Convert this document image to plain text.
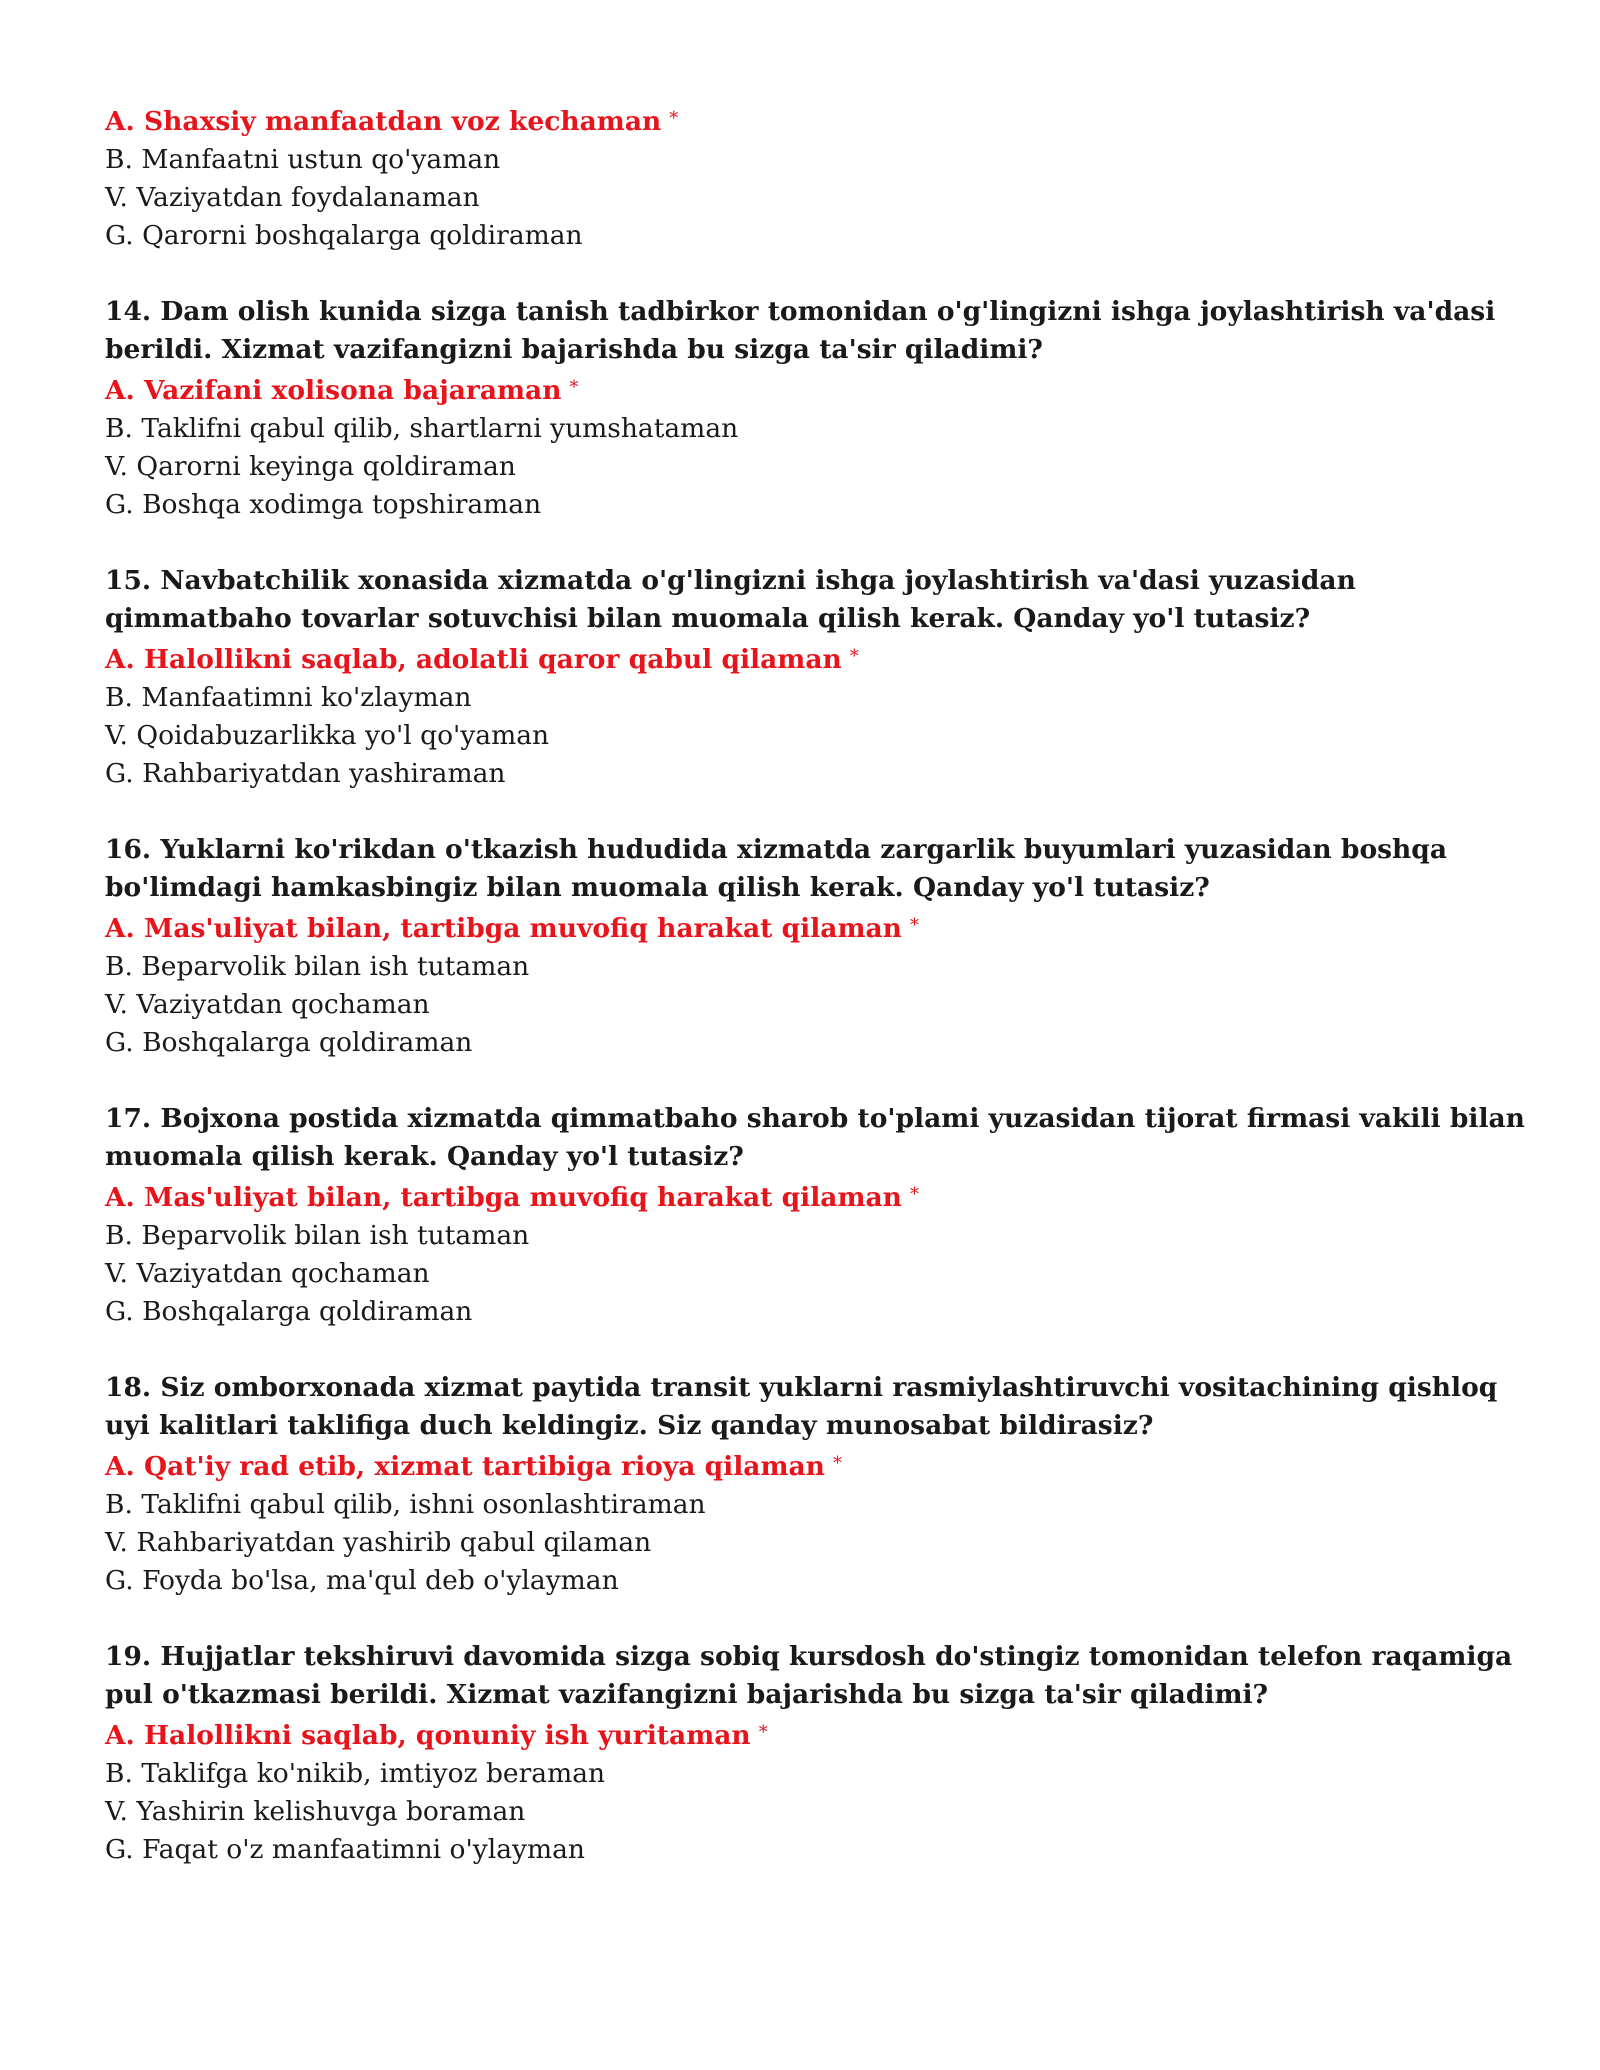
A. Shaxsiy manfaatdan voz kechaman *

B. Manfaatni ustun qo'yaman

V. Vaziyatdan foydalanaman

G. Qarorni boshqalarga qoldiraman

14. Dam olish kunida sizga tanish tadbirkor tomonidan o'g'lingizni ishga joylashtirish va'dasi berildi. Xizmat vazifangizni bajarishda bu sizga ta'sir qiladimi?

A. Vazifani xolisona bajaraman *

B. Taklifni qabul qilib, shartlarni yumshataman

V. Qarorni keyinga qoldiraman

G. Boshqa xodimga topshiraman

15. Navbatchilik xonasida xizmatda o'g'lingizni ishga joylashtirish va'dasi yuzasidan qimmatbaho tovarlar sotuvchisi bilan muomala qilish kerak. Qanday yo'l tutasiz?

A. Halollikni saqlab, adolatli qaror qabul qilaman *

B. Manfaatimni ko'zlayman

V. Qoidabuzarlikka yo'l qo'yaman

G. Rahbariyatdan yashiraman

16. Yuklarni ko'rikdan o'tkazish hududida xizmatda zargarlik buyumlari yuzasidan boshqa bo'limdagi hamkasbingiz bilan muomala qilish kerak. Qanday yo'l tutasiz?

A. Mas'uliyat bilan, tartibga muvofiq harakat qilaman *

B. Beparvolik bilan ish tutaman

V. Vaziyatdan qochaman

G. Boshqalarga qoldiraman

17. Bojxona postida xizmatda qimmatbaho sharob to'plami yuzasidan tijorat firmasi vakili bilan muomala qilish kerak. Qanday yo'l tutasiz?

A. Mas'uliyat bilan, tartibga muvofiq harakat qilaman *

B. Beparvolik bilan ish tutaman

V. Vaziyatdan qochaman

G. Boshqalarga qoldiraman

18. Siz omborxonada xizmat paytida transit yuklarni rasmiylashtiruvchi vositachining qishloq uyi kalitlari taklifiga duch keldingiz. Siz qanday munosabat bildirasiz?

A. Qat'iy rad etib, xizmat tartibiga rioya qilaman *

B. Taklifni qabul qilib, ishni osonlashtiraman

V. Rahbariyatdan yashirib qabul qilaman

G. Foyda bo'lsa, ma'qul deb o'ylayman

19. Hujjatlar tekshiruvi davomida sizga sobiq kursdosh do'stingiz tomonidan telefon raqamiga pul o'tkazmasi berildi. Xizmat vazifangizni bajarishda bu sizga ta'sir qiladimi?

A. Halollikni saqlab, qonuniy ish yuritaman *

B. Taklifga ko'nikib, imtiyoz beraman

V. Yashirin kelishuvga boraman

G. Faqat o'z manfaatimni o'ylayman
